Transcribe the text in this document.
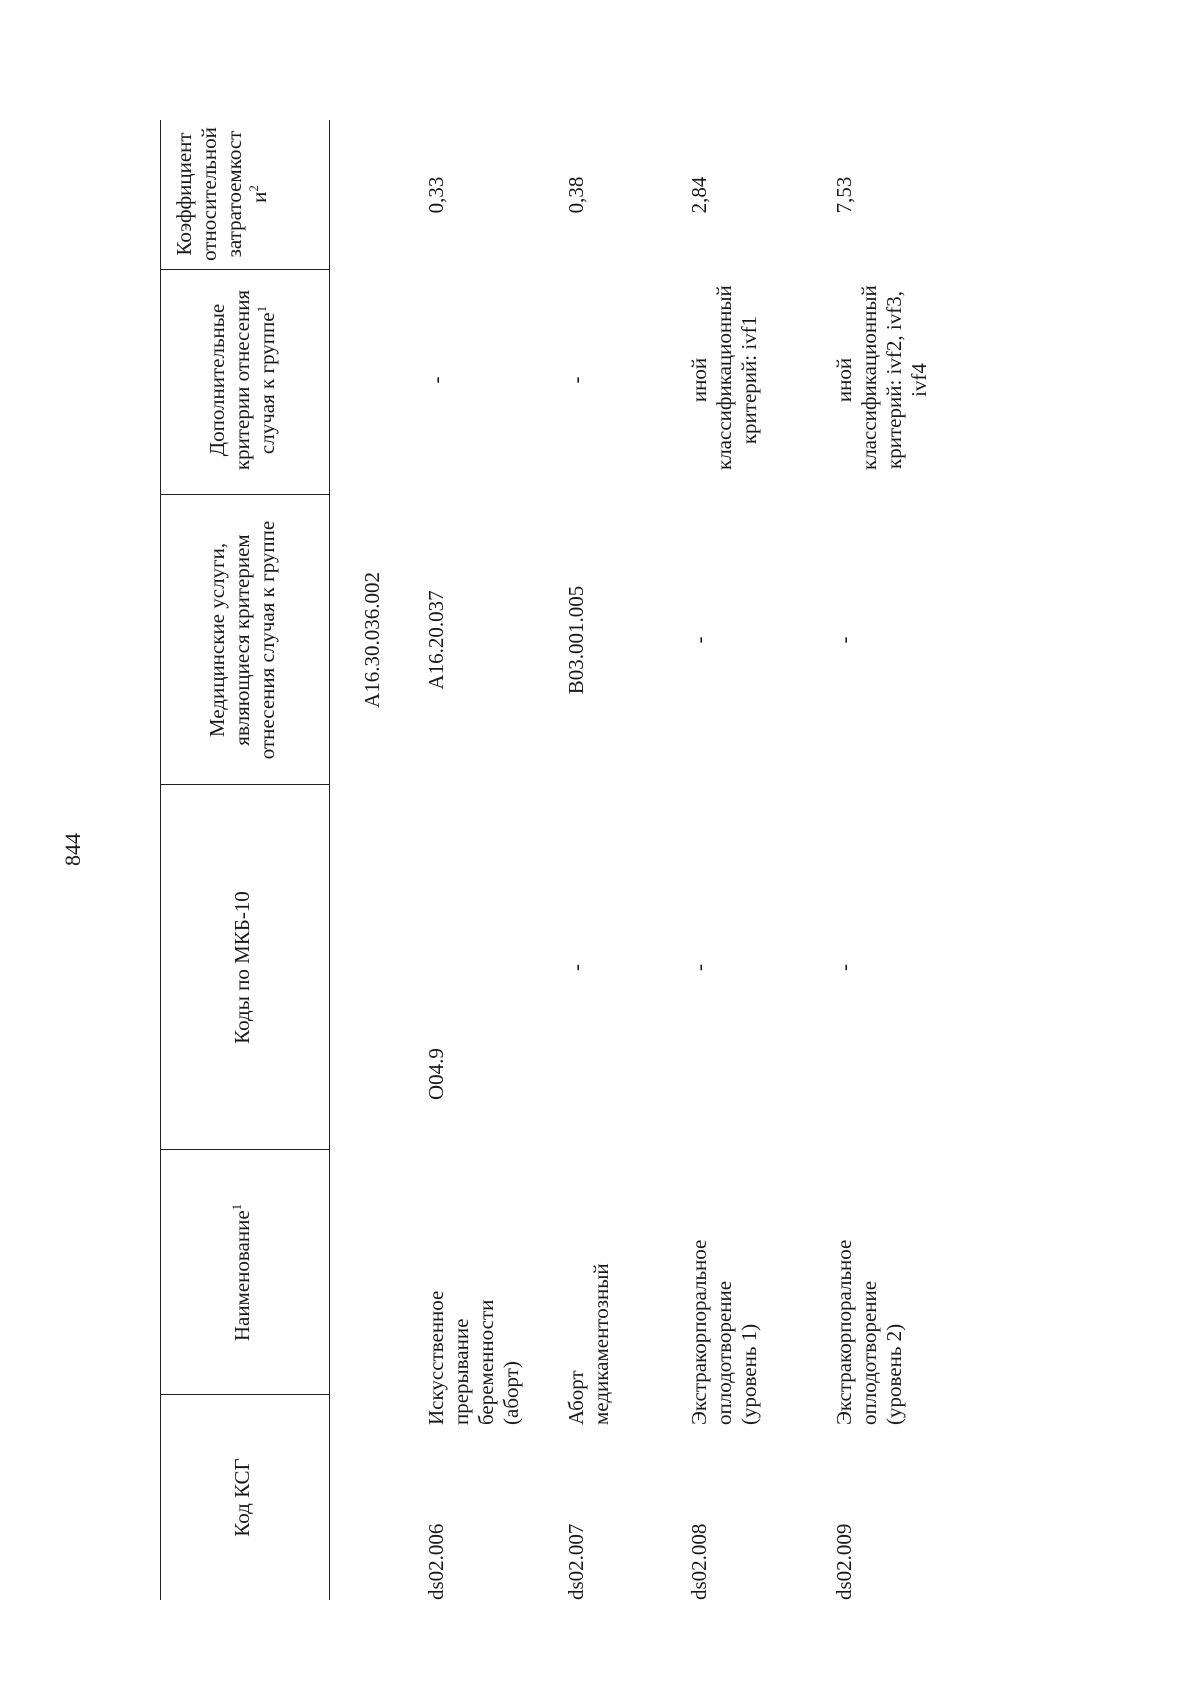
844
Код КСГ
Наименование$^1$
Коды по МКБ-10
Медицинские услуги, являющиеся критерием отнесения случая к группе
Дополнительные критерии отнесения случая к группе$^1$
Коэффициент относительной затратоемкости$^2$
A16.30.036.002
ds02.006
Искусственное прерывание беременности (аборт)
O04.9
A16.20.037
-
0,33
ds02.007
Аборт медикаментозный
-
B03.001.005
-
0,38
ds02.008
Экстракорпоральное оплодотворение (уровень 1)
-
-
иной классификационный критерий: ivf1
2,84
ds02.009
Экстракорпоральное оплодотворение (уровень 2)
-
-
иной классификационный критерий: ivf2, ivf3, ivf4
7,53
